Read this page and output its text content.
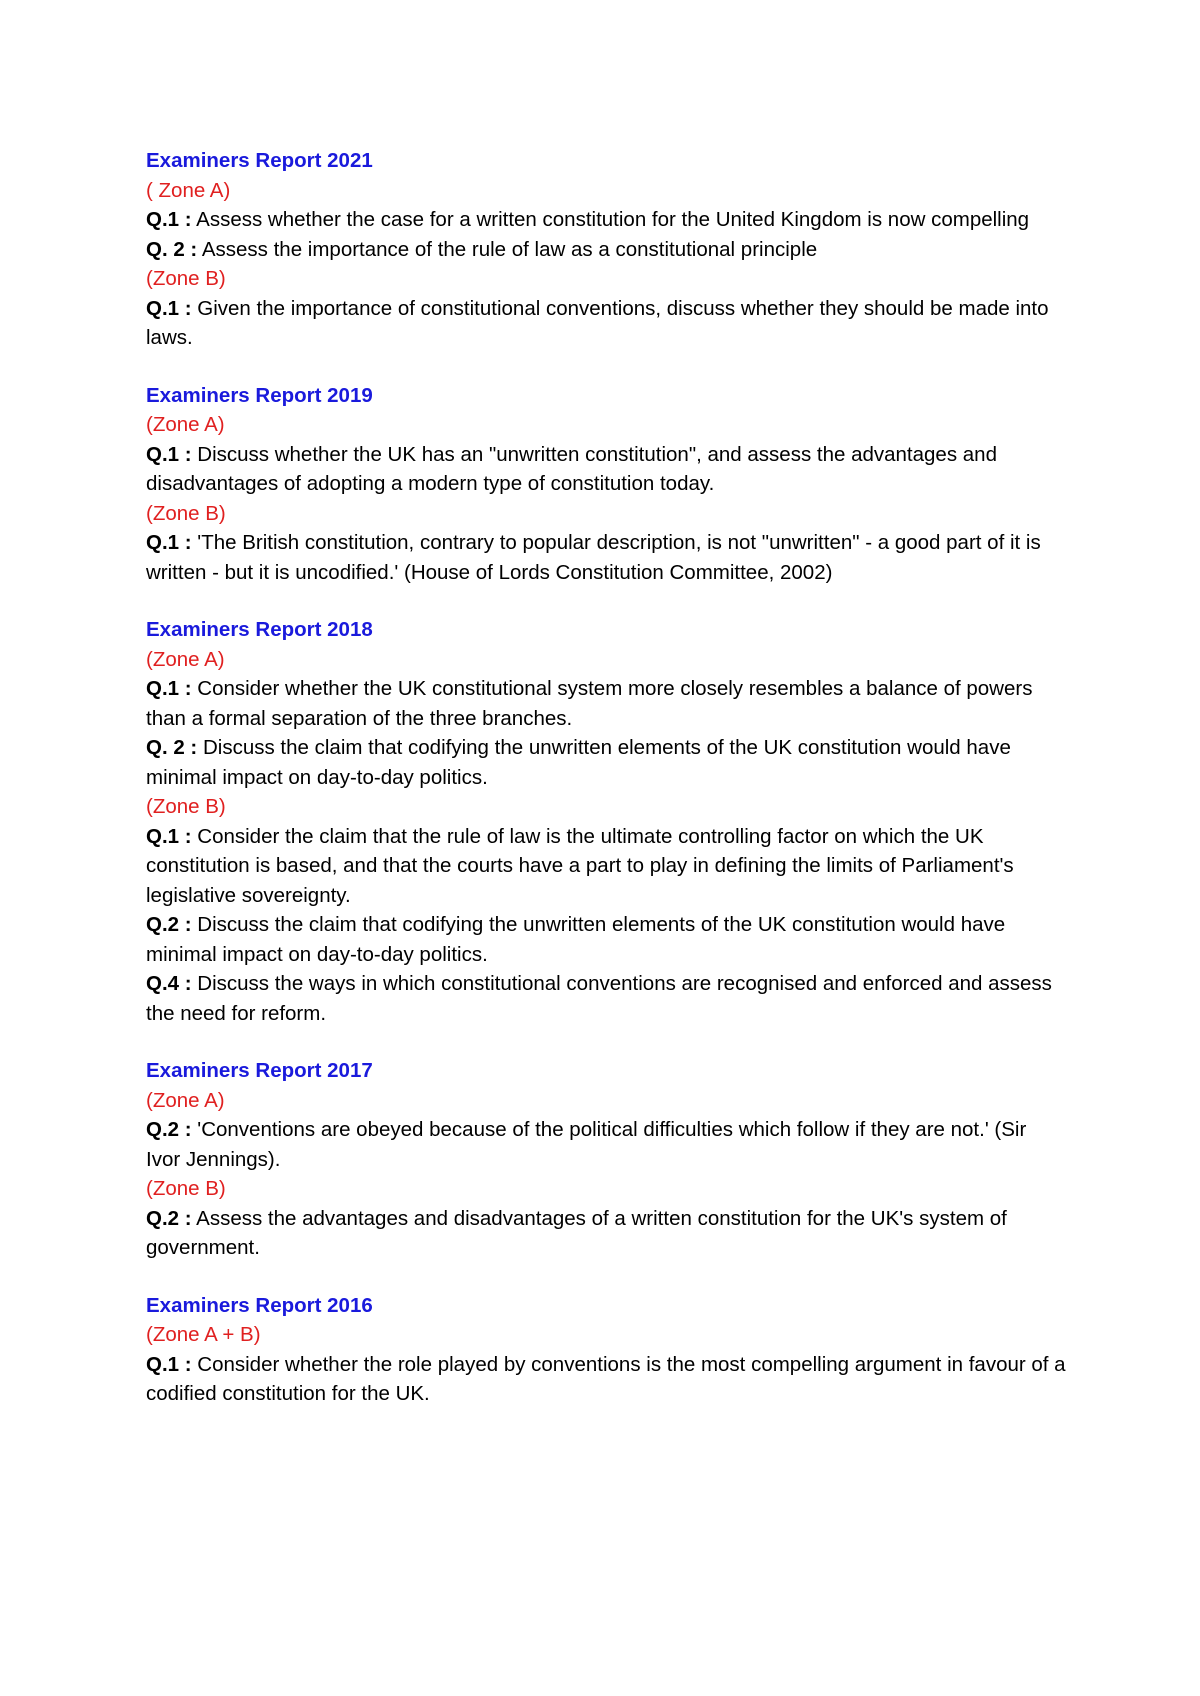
Examiners Report 2021
( Zone A)

Q.1 : Assess whether the case for a written constitution for the United Kingdom is now compelling

Q. 2 : Assess the importance of the rule of law as a constitutional principle

(Zone B)

Q.1 : Given the importance of constitutional conventions, discuss whether they should be made into laws.

Examiners Report 2019
(Zone A)

Q.1 : Discuss whether the UK has an "unwritten constitution", and assess the advantages and disadvantages of adopting a modern type of constitution today.

(Zone B)

Q.1 : 'The British constitution, contrary to popular description, is not "unwritten" - a good part of it is written - but it is uncodified.' (House of Lords Constitution Committee, 2002)

Examiners Report 2018
(Zone A)

Q.1 : Consider whether the UK constitutional system more closely resembles a balance of powers than a formal separation of the three branches.

Q. 2 : Discuss the claim that codifying the unwritten elements of the UK constitution would have minimal impact on day-to-day politics.

(Zone B)

Q.1 : Consider the claim that the rule of law is the ultimate controlling factor on which the UK constitution is based, and that the courts have a part to play in defining the limits of Parliament's legislative sovereignty.

Q.2 : Discuss the claim that codifying the unwritten elements of the UK constitution would have minimal impact on day-to-day politics.

Q.4 : Discuss the ways in which constitutional conventions are recognised and enforced and assess the need for reform.

Examiners Report 2017
(Zone A)

Q.2 : 'Conventions are obeyed because of the political difficulties which follow if they are not.' (Sir Ivor Jennings).

(Zone B)

Q.2 : Assess the advantages and disadvantages of a written constitution for the UK's system of government.

Examiners Report 2016
(Zone A + B)

Q.1 : Consider whether the role played by conventions is the most compelling argument in favour of a codified constitution for the UK.
